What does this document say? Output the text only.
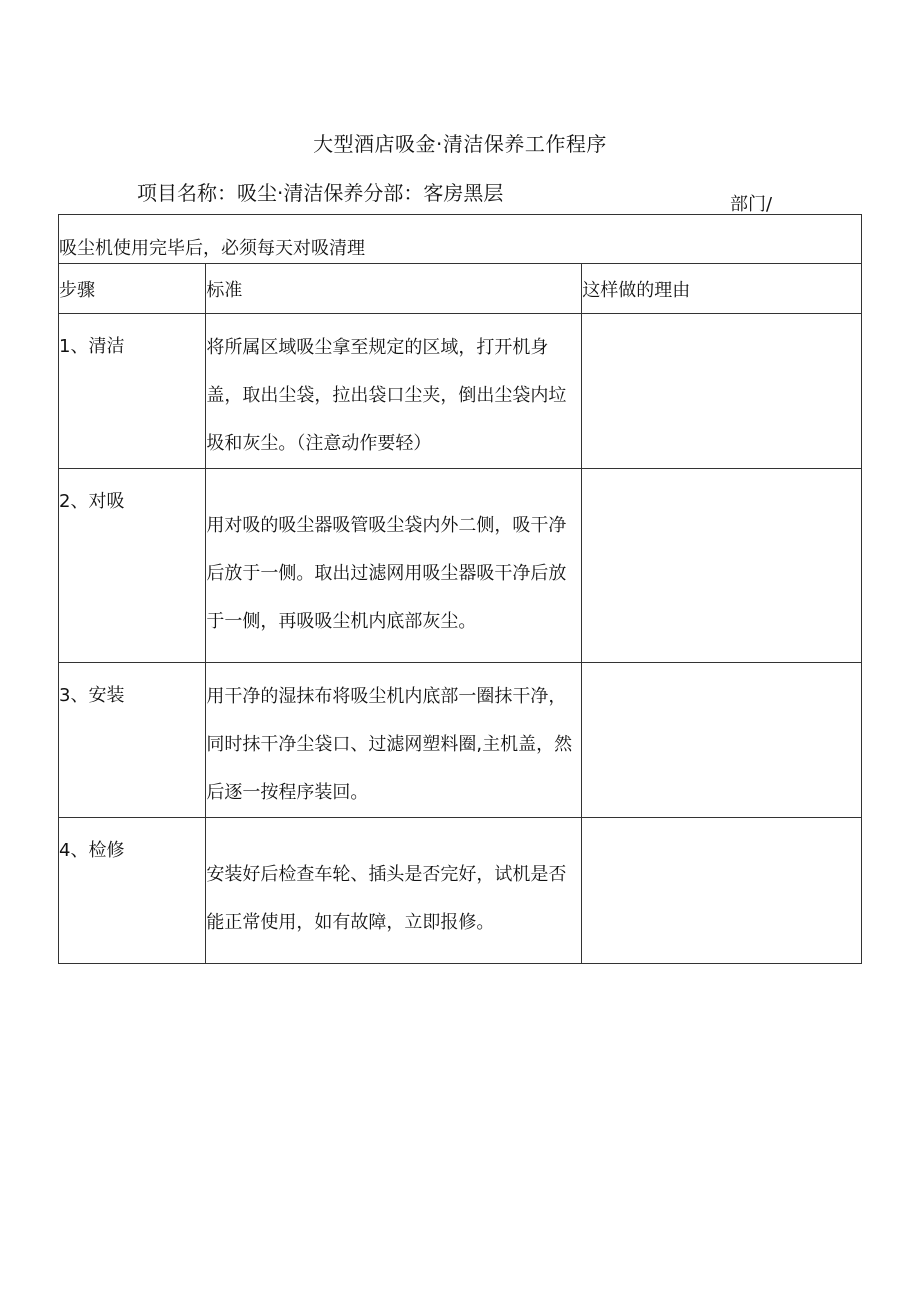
大型酒店吸金·清洁保养工作程序
项目名称：吸尘·清洁保养分部：客房黑层	部门/
吸尘机使用完毕后，必须每天对吸清理		
步骤	标准	这样做的理由
1、清洁	将所属区域吸尘拿至规定的区域，打开机身盖，取出尘袋，拉出袋口尘夹，倒出尘袋内垃圾和灰尘。（注意动作要轻）	
2、对吸	用对吸的吸尘器吸管吸尘袋内外二侧，吸干净后放于一侧。取出过滤网用吸尘器吸干净后放于一侧，再吸吸尘机内底部灰尘。	
3、安装	用干净的湿抹布将吸尘机内底部一圈抹干净，同时抹干净尘袋口、过滤网塑料圈,主机盖，然后逐一按程序装回。	
4、检修	安装好后检查车轮、插头是否完好，试机是否能正常使用，如有故障，立即报修。	
